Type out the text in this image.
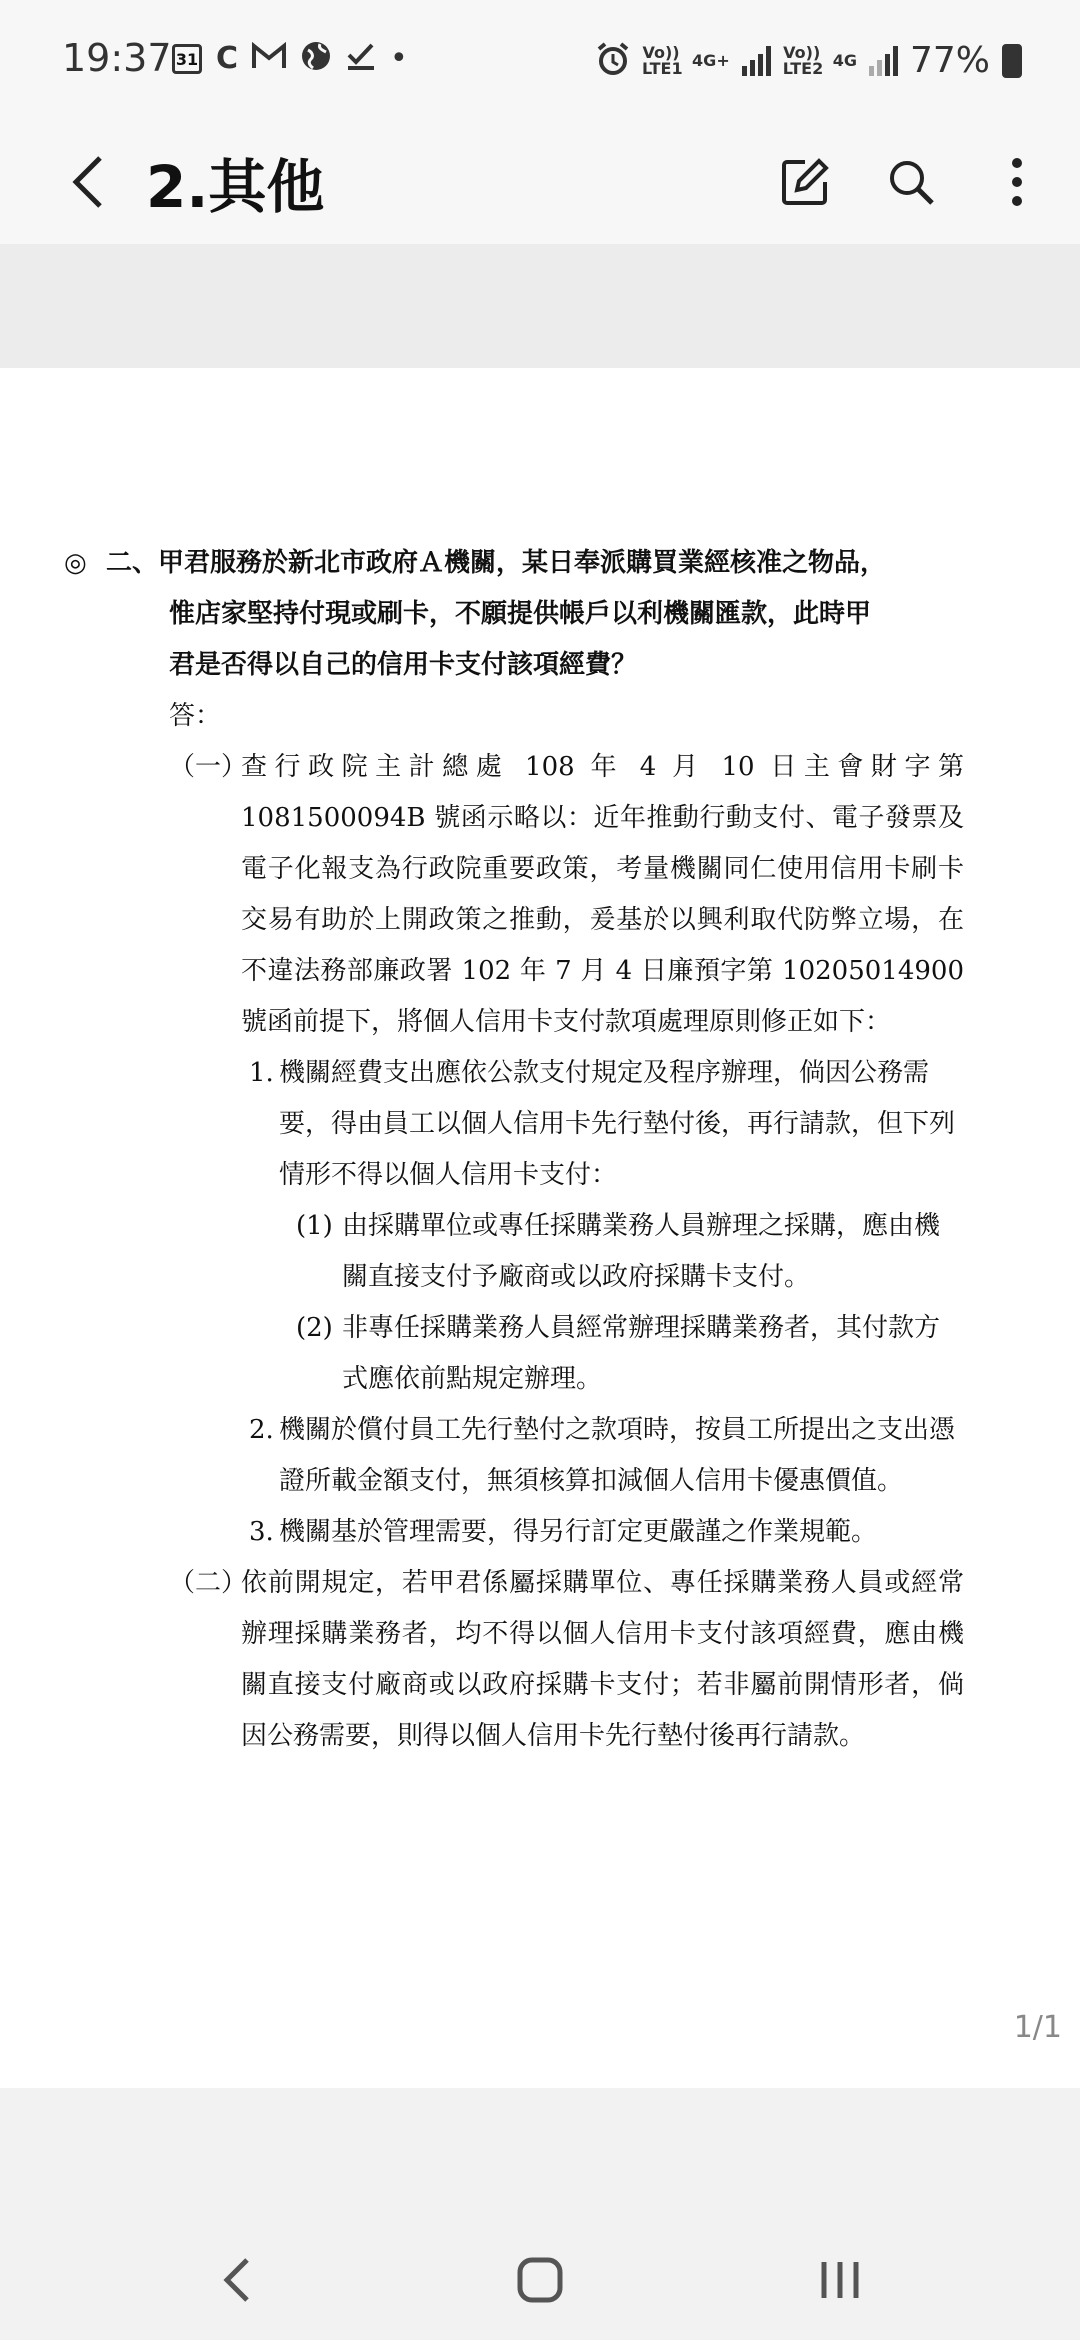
19:37 31 C	•	Vo)) LTE1 4G+	Vo)) LTE2 4G 77%
2.其他
◎ 二、甲君服務於新北市政府Ａ機關，某日奉派購買業經核准之物品，
惟店家堅持付現或刷卡，不願提供帳戶以利機關匯款，此時甲
君是否得以自己的信用卡支付該項經費？
答：
（一）
查行政院主計總處 108 年 4 月 10 日主會財字第1081500094B 號函示略以：近年推動行動支付、電子發票及電子化報支為行政院重要政策，考量機關同仁使用信用卡刷卡交易有助於上開政策之推動，爰基於以興利取代防弊立場，在不違法務部廉政署 102 年 7 月 4 日廉預字第 10205014900 號函前提下，將個人信用卡支付款項處理原則修正如下：
1. 機關經費支出應依公款支付規定及程序辦理，倘因公務需要，得由員工以個人信用卡先行墊付後，再行請款，但下列情形不得以個人信用卡支付：
(1) 由採購單位或專任採購業務人員辦理之採購，應由機關直接支付予廠商或以政府採購卡支付。
(2) 非專任採購業務人員經常辦理採購業務者，其付款方式應依前點規定辦理。
2. 機關於償付員工先行墊付之款項時，按員工所提出之支出憑證所載金額支付，無須核算扣減個人信用卡優惠價值。
3. 機關基於管理需要，得另行訂定更嚴謹之作業規範。
（二）
依前開規定，若甲君係屬採購單位、專任採購業務人員或經常辦理採購業務者，均不得以個人信用卡支付該項經費，應由機關直接支付廠商或以政府採購卡支付；若非屬前開情形者，倘因公務需要，則得以個人信用卡先行墊付後再行請款。
1/1
